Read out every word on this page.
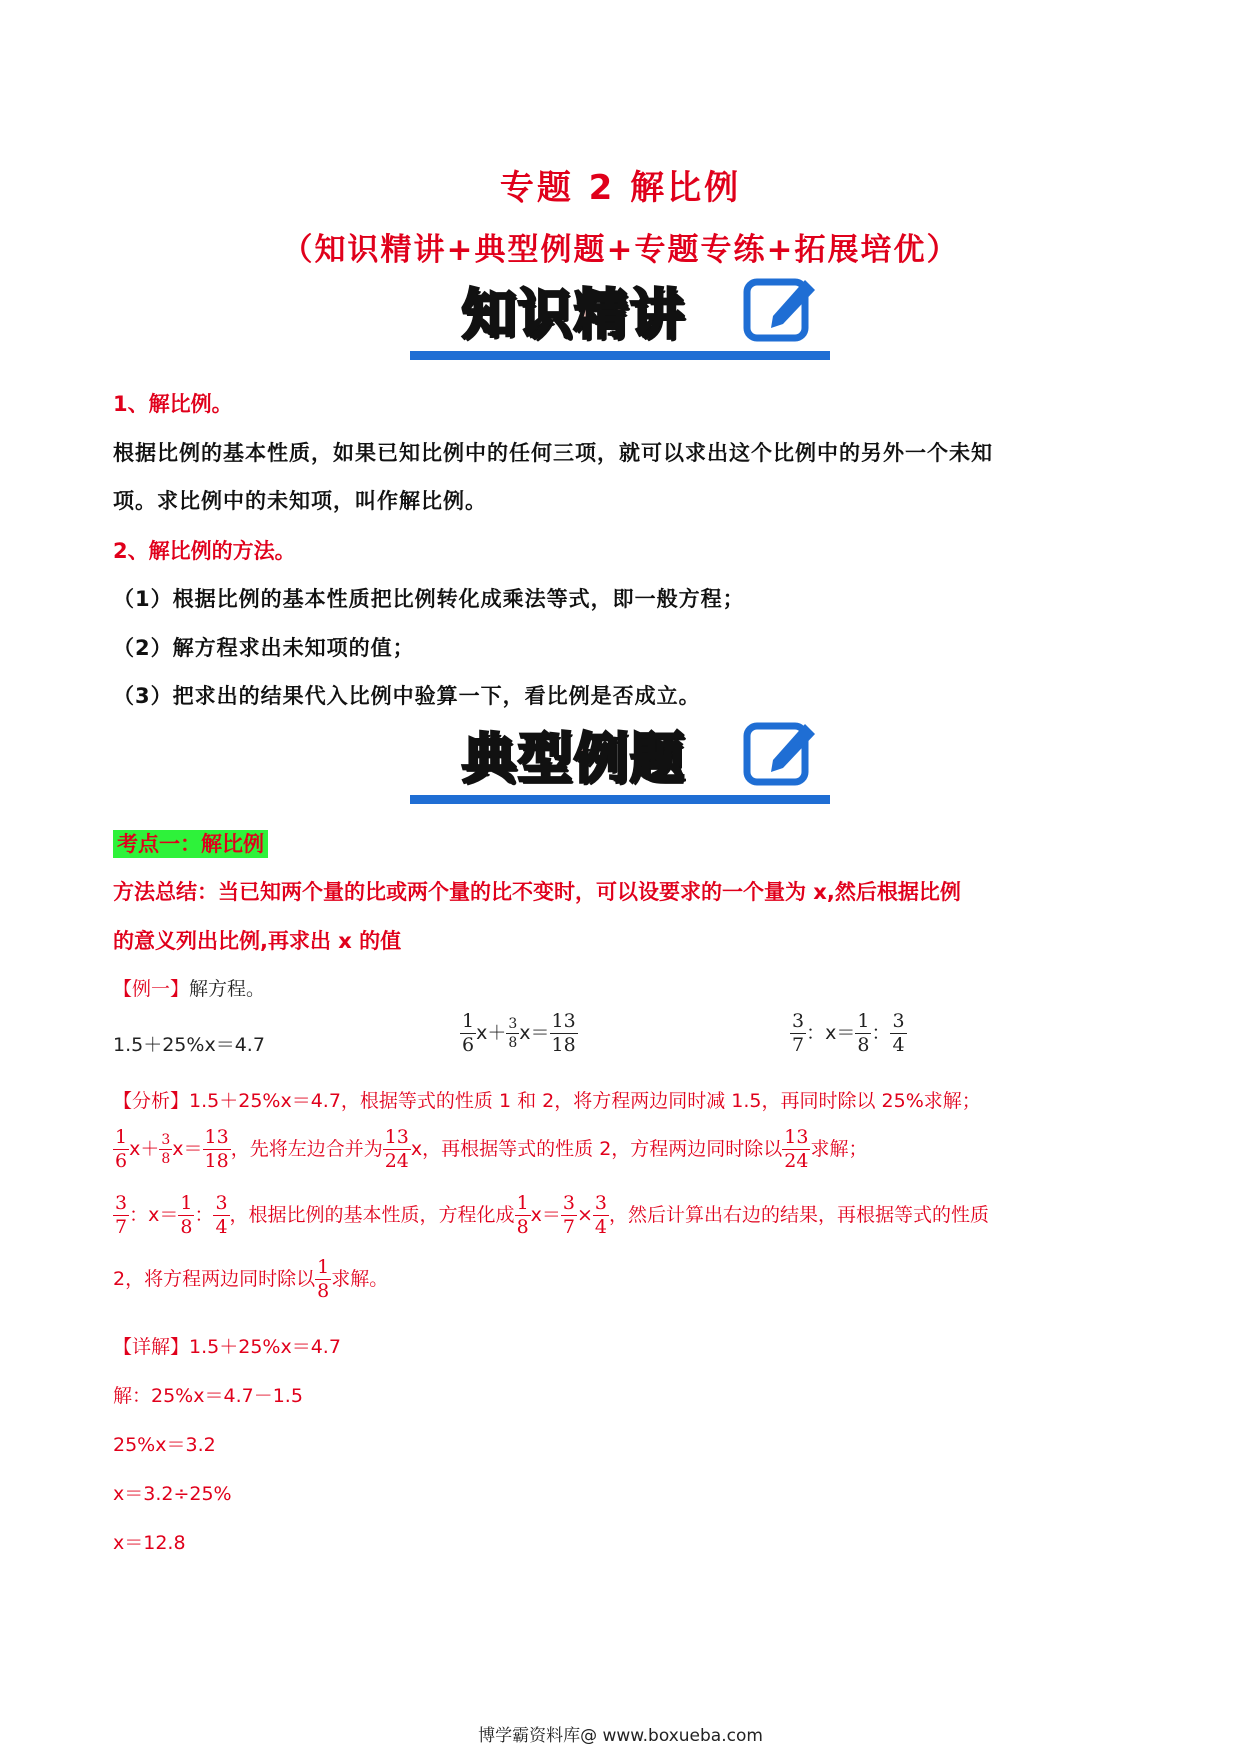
专题 2 解比例
（知识精讲+典型例题+专题专练+拓展培优）
知识精讲
1、解比例。
根据比例的基本性质，如果已知比例中的任何三项，就可以求出这个比例中的另外一个未知
项。求比例中的未知项，叫作解比例。
2、解比例的方法。
（1）根据比例的基本性质把比例转化成乘法等式，即一般方程；
（2）解方程求出未知项的值；
（3）把求出的结果代入比例中验算一下，看比例是否成立。
典型例题
考点一：解比例
方法总结：当已知两个量的比或两个量的比不变时，可以设要求的一个量为 x,然后根据比例
的意义列出比例,再求出 x 的值
【例一】解方程。
1.5＋25%x＝4.7	$\frac{1}{6} x+ \frac{3}{8} x= \frac{13}{18}$	$\frac{3}{7}$ ：$x= \frac{1}{8}$ ： $\frac{3}{4}$
【分析】1.5＋25%x＝4.7，根据等式的性质 1 和 2，将方程两边同时减 1.5，再同时除以 25%求解；
$\frac{1}{6} x+ \frac{3}{8} x= \frac{13}{18}$ ，先将左边合并为 $\frac{13}{24}$ x，再根据等式的性质 2，方程两边同时除以 $\frac{13}{24}$ 求解；
$\frac{3}{7}$ ：$x= \frac{1}{8}$ ： $\frac{3}{4}$ ，根据比例的基本性质，方程化成 $\frac{1}{8} x= \frac{3}{7} \times \frac{3}{4}$ ，然后计算出右边的结果，再根据等式的性质
2，将方程两边同时除以 $\frac{1}{8}$ 求解。
【详解】1.5＋25%x＝4.7
解：25%x＝4.7－1.5
25%x＝3.2
x＝3.2÷25%
x＝12.8
博学霸资料库@ www.boxueba.com
